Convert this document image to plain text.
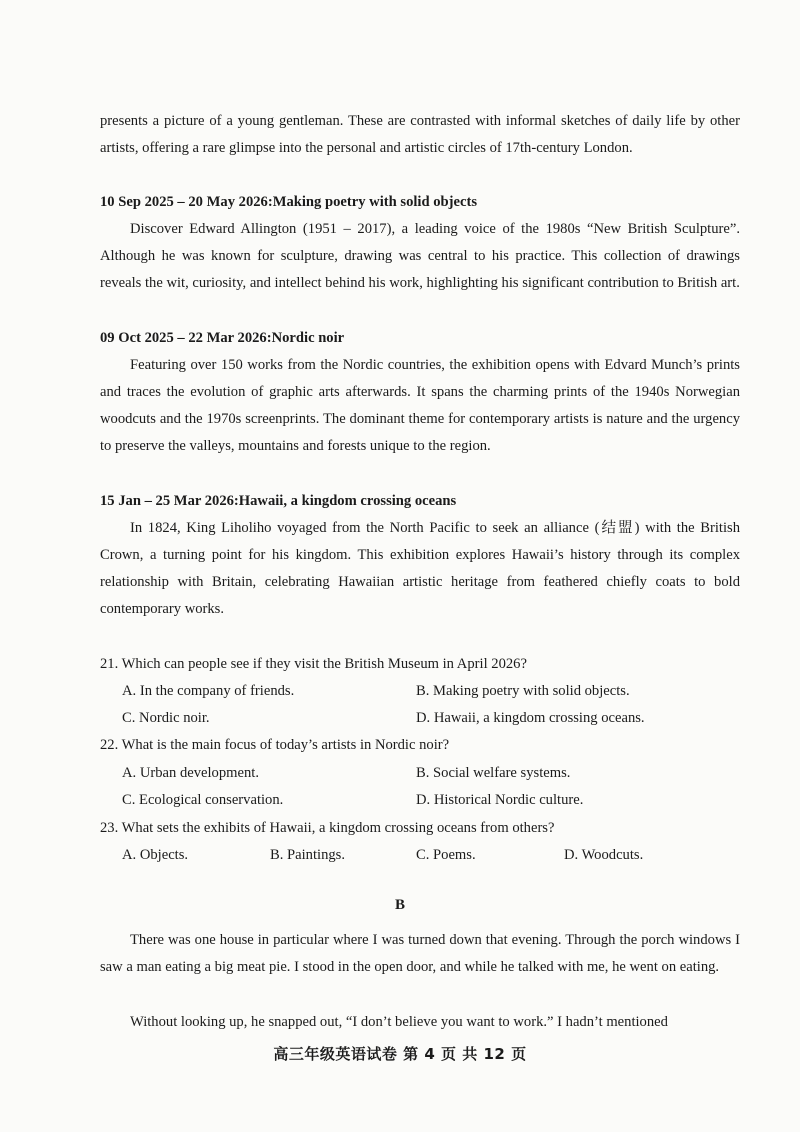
presents a picture of a young gentleman. These are contrasted with informal sketches of daily life by other artists, offering a rare glimpse into the personal and artistic circles of 17th-century London.

10 Sep 2025 – 20 May 2026:Making poetry with solid objects

Discover Edward Allington (1951 – 2017), a leading voice of the 1980s “New British Sculpture”. Although he was known for sculpture, drawing was central to his practice. This collection of drawings reveals the wit, curiosity, and intellect behind his work, highlighting his significant contribution to British art.

09 Oct 2025 – 22 Mar 2026:Nordic noir

Featuring over 150 works from the Nordic countries, the exhibition opens with Edvard Munch’s prints and traces the evolution of graphic arts afterwards. It spans the charming prints of the 1940s Norwegian woodcuts and the 1970s screenprints. The dominant theme for contemporary artists is nature and the urgency to preserve the valleys, mountains and forests unique to the region.

15 Jan – 25 Mar 2026:Hawaii, a kingdom crossing oceans

In 1824, King Liholiho voyaged from the North Pacific to seek an alliance (结盟) with the British Crown, a turning point for his kingdom. This exhibition explores Hawaii’s history through its complex relationship with Britain, celebrating Hawaiian artistic heritage from feathered chiefly coats to bold contemporary works.

21. Which can people see if they visit the British Museum in April 2026?
A. In the company of friends.	B. Making poetry with solid objects.
C. Nordic noir.	D. Hawaii, a kingdom crossing oceans.
22. What is the main focus of today’s artists in Nordic noir?
A. Urban development.	B. Social welfare systems.
C. Ecological conservation.	D. Historical Nordic culture.
23. What sets the exhibits of Hawaii, a kingdom crossing oceans from others?
A. Objects.	B. Paintings.	C. Poems.	D. Woodcuts.
B

There was one house in particular where I was turned down that evening. Through the porch windows I saw a man eating a big meat pie. I stood in the open door, and while he talked with me, he went on eating.

Without looking up, he snapped out, “I don’t believe you want to work.” I hadn’t mentioned

高三年级英语试卷 第 4 页 共 12 页
